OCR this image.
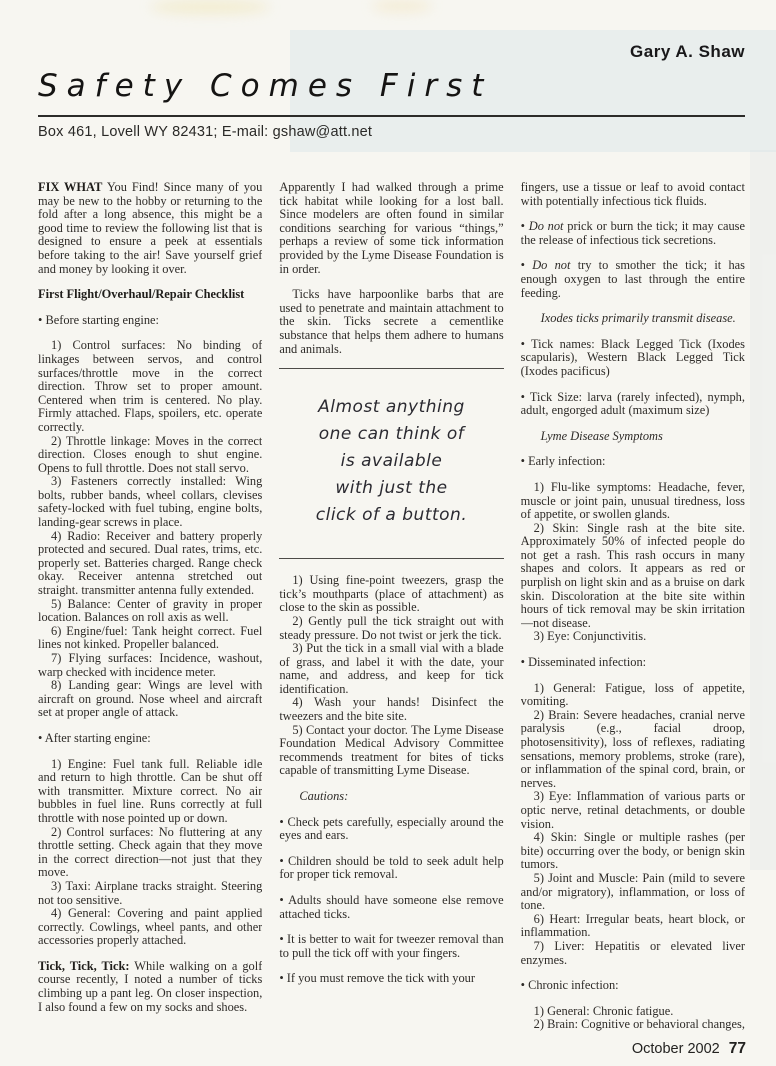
Gary A. Shaw
Safety Comes First
Box 461, Lovell WY 82431; E-mail: gshaw@att.net

FIX WHAT You Find! Since many of you may be new to the hobby or returning to the fold after a long absence, this might be a good time to review the following list that is designed to ensure a peek at essentials before taking to the air! Save yourself grief and money by looking it over.

First Flight/Overhaul/Repair Checklist

• Before starting engine:

1) Control surfaces: No binding of linkages between servos, and control surfaces/throttle move in the correct direction. Throw set to proper amount. Centered when trim is centered. No play. Firmly attached. Flaps, spoilers, etc. operate correctly.

2) Throttle linkage: Moves in the correct direction. Closes enough to shut engine. Opens to full throttle. Does not stall servo.

3) Fasteners correctly installed: Wing bolts, rubber bands, wheel collars, clevises safety-locked with fuel tubing, engine bolts, landing-gear screws in place.

4) Radio: Receiver and battery properly protected and secured. Dual rates, trims, etc. properly set. Batteries charged. Range check okay. Receiver antenna stretched out straight. transmitter antenna fully extended.

5) Balance: Center of gravity in proper location. Balances on roll axis as well.

6) Engine/fuel: Tank height correct. Fuel lines not kinked. Propeller balanced.

7) Flying surfaces: Incidence, washout, warp checked with incidence meter.

8) Landing gear: Wings are level with aircraft on ground. Nose wheel and aircraft set at proper angle of attack.

• After starting engine:

1) Engine: Fuel tank full. Reliable idle and return to high throttle. Can be shut off with transmitter. Mixture correct. No air bubbles in fuel line. Runs correctly at full throttle with nose pointed up or down.

2) Control surfaces: No fluttering at any throttle setting. Check again that they move in the correct direction—not just that they move.

3) Taxi: Airplane tracks straight. Steering not too sensitive.

4) General: Covering and paint applied correctly. Cowlings, wheel pants, and other accessories properly attached.

Tick, Tick, Tick: While walking on a golf course recently, I noted a number of ticks climbing up a pant leg. On closer inspection, I also found a few on my socks and shoes.

Apparently I had walked through a prime tick habitat while looking for a lost ball. Since modelers are often found in similar conditions searching for various “things,” perhaps a review of some tick information provided by the Lyme Disease Foundation is in order.

Ticks have harpoonlike barbs that are used to penetrate and maintain attachment to the skin. Ticks secrete a cementlike substance that helps them adhere to humans and animals.

Almost anything
one can think of
is available
with just the
click of a button.

1) Using fine-point tweezers, grasp the tick’s mouthparts (place of attachment) as close to the skin as possible.

2) Gently pull the tick straight out with steady pressure. Do not twist or jerk the tick.

3) Put the tick in a small vial with a blade of grass, and label it with the date, your name, and address, and keep for tick identification.

4) Wash your hands! Disinfect the tweezers and the bite site.

5) Contact your doctor. The Lyme Disease Foundation Medical Advisory Committee recommends treatment for bites of ticks capable of transmitting Lyme Disease.

Cautions:

• Check pets carefully, especially around the eyes and ears.

• Children should be told to seek adult help for proper tick removal.

• Adults should have someone else remove attached ticks.

• It is better to wait for tweezer removal than to pull the tick off with your fingers.

• If you must remove the tick with your

fingers, use a tissue or leaf to avoid contact with potentially infectious tick fluids.

• Do not prick or burn the tick; it may cause the release of infectious tick secretions.

• Do not try to smother the tick; it has enough oxygen to last through the entire feeding.

Ixodes ticks primarily transmit disease.

• Tick names: Black Legged Tick (Ixodes scapularis), Western Black Legged Tick (Ixodes pacificus)

• Tick Size: larva (rarely infected), nymph, adult, engorged adult (maximum size)

Lyme Disease Symptoms

• Early infection:

1) Flu-like symptoms: Headache, fever, muscle or joint pain, unusual tiredness, loss of appetite, or swollen glands.

2) Skin: Single rash at the bite site. Approximately 50% of infected people do not get a rash. This rash occurs in many shapes and colors. It appears as red or purplish on light skin and as a bruise on dark skin. Discoloration at the bite site within hours of tick removal may be skin irritation—not disease.

3) Eye: Conjunctivitis.

• Disseminated infection:

1) General: Fatigue, loss of appetite, vomiting.

2) Brain: Severe headaches, cranial nerve paralysis (e.g., facial droop, photosensitivity), loss of reflexes, radiating sensations, memory problems, stroke (rare), or inflammation of the spinal cord, brain, or nerves.

3) Eye: Inflammation of various parts or optic nerve, retinal detachments, or double vision.

4) Skin: Single or multiple rashes (per bite) occurring over the body, or benign skin tumors.

5) Joint and Muscle: Pain (mild to severe and/or migratory), inflammation, or loss of tone.

6) Heart: Irregular beats, heart block, or inflammation.

7) Liver: Hepatitis or elevated liver enzymes.

• Chronic infection:

1) General: Chronic fatigue.

2) Brain: Cognitive or behavioral changes,

October 2002 77
